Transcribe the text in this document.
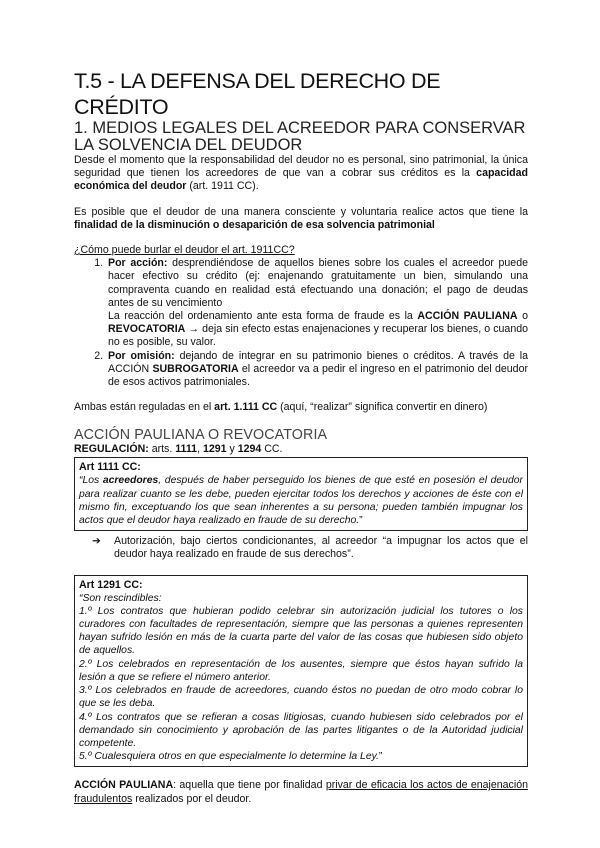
T.5 - LA DEFENSA DEL DERECHO DE CRÉDITO
1. MEDIOS LEGALES DEL ACREEDOR PARA CONSERVAR LA SOLVENCIA DEL DEUDOR

Desde el momento que la responsabilidad del deudor no es personal, sino patrimonial, la única seguridad que tienen los acreedores de que van a cobrar sus créditos es la capacidad económica del deudor (art. 1911 CC).

Es posible que el deudor de una manera consciente y voluntaria realice actos que tiene la finalidad de la disminución o desaparición de esa solvencia patrimonial

¿Cómo puede burlar el deudor el art. 1911CC?

1. Por acción: desprendiéndose de aquellos bienes sobre los cuales el acreedor puede hacer efectivo su crédito (ej: enajenando gratuitamente un bien, simulando una compraventa cuando en realidad está efectuando una donación; el pago de deudas antes de su vencimiento
La reacción del ordenamiento ante esta forma de fraude es la ACCIÓN PAULIANA o REVOCATORIA → deja sin efecto estas enajenaciones y recuperar los bienes, o cuando no es posible, su valor.
2. Por omisión: dejando de integrar en su patrimonio bienes o créditos. A través de la ACCIÓN SUBROGATORIA el acreedor va a pedir el ingreso en el patrimonio del deudor de esos activos patrimoniales.

Ambas están reguladas en el art. 1.111 CC (aquí, “realizar” significa convertir en dinero)

ACCIÓN PAULIANA O REVOCATORIA
REGULACIÓN: arts. 1111, 1291 y 1294 CC.
Art 1111 CC:
“Los acreedores, después de haber perseguido los bienes de que esté en posesión el deudor para realizar cuanto se les debe, pueden ejercitar todos los derechos y acciones de éste con el mismo fin, exceptuando los que sean inherentes a su persona; pueden también impugnar los actos que el deudor haya realizado en fraude de su derecho.”
➔	Autorización, bajo ciertos condicionantes, al acreedor “a impugnar los actos que el deudor haya realizado en fraude de sus derechos”.
Art 1291 CC:
“Son rescindibles:
1.º Los contratos que hubieran podido celebrar sin autorización judicial los tutores o los curadores con facultades de representación, siempre que las personas a quienes representen hayan sufrido lesión en más de la cuarta parte del valor de las cosas que hubiesen sido objeto de aquellos.
2.º Los celebrados en representación de los ausentes, siempre que éstos hayan sufrido la lesión a que se refiere el número anterior.
3.º Los celebrados en fraude de acreedores, cuando éstos no puedan de otro modo cobrar lo que se les deba.
4.º Los contratos que se refieran a cosas litigiosas, cuando hubiesen sido celebrados por el demandado sin conocimiento y aprobación de las partes litigantes o de la Autoridad judicial competente.
5.º Cualesquiera otros en que especialmente lo determine la Ley.”

ACCIÓN PAULIANA: aquella que tiene por finalidad privar de eficacia los actos de enajenación fraudulentos realizados por el deudor.
